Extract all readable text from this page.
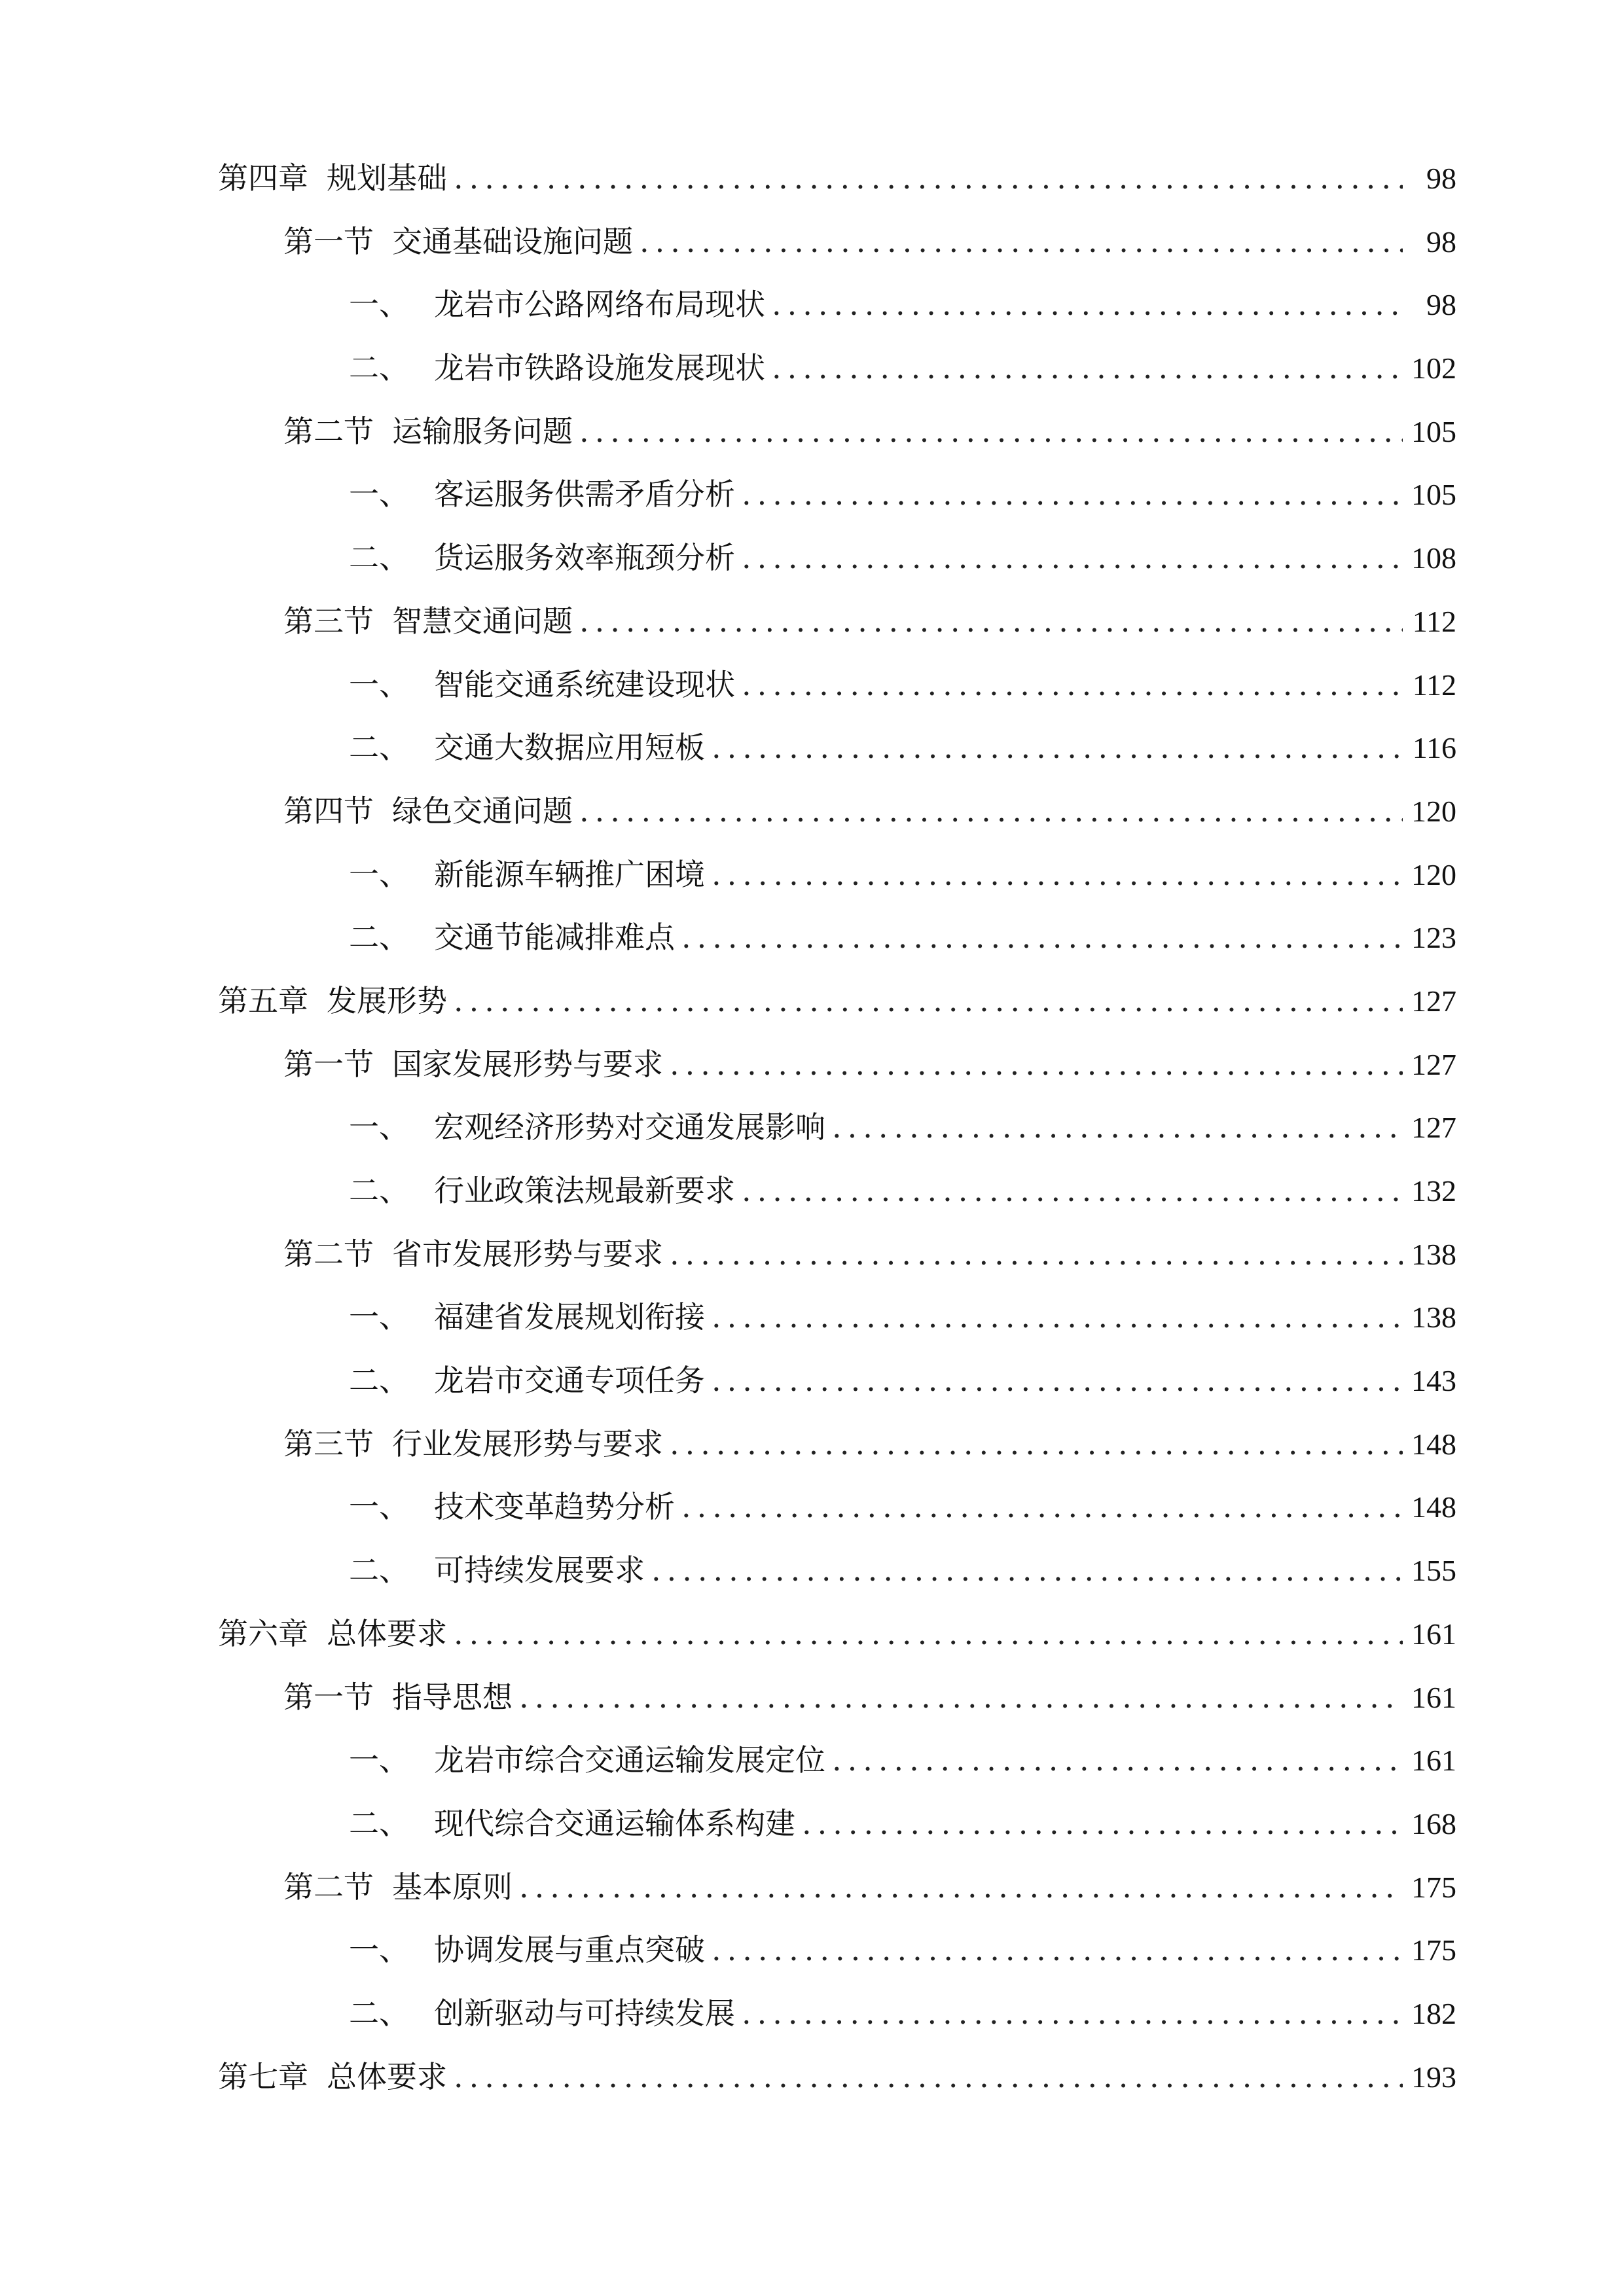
第四章 规划基础 .....	98
第一节 交通基础设施问题 .....	98
一、 龙岩市公路网络布局现状 .....	98
二、 龙岩市铁路设施发展现状 .....	102
第二节 运输服务问题 .....	105
一、 客运服务供需矛盾分析 .....	105
二、 货运服务效率瓶颈分析 .....	108
第三节 智慧交通问题 .....	112
一、 智能交通系统建设现状 .....	112
二、 交通大数据应用短板 .....	116
第四节 绿色交通问题 .....	120
一、 新能源车辆推广困境 .....	120
二、 交通节能减排难点 .....	123
第五章 发展形势 .....	127
第一节 国家发展形势与要求 .....	127
一、 宏观经济形势对交通发展影响 .....	127
二、 行业政策法规最新要求 .....	132
第二节 省市发展形势与要求 .....	138
一、 福建省发展规划衔接 .....	138
二、 龙岩市交通专项任务 .....	143
第三节 行业发展形势与要求 .....	148
一、 技术变革趋势分析 .....	148
二、 可持续发展要求 .....	155
第六章 总体要求 .....	161
第一节 指导思想 .....	161
一、 龙岩市综合交通运输发展定位 .....	161
二、 现代综合交通运输体系构建 .....	168
第二节 基本原则 .....	175
一、 协调发展与重点突破 .....	175
二、 创新驱动与可持续发展 .....	182
第七章 总体要求 .....	193
